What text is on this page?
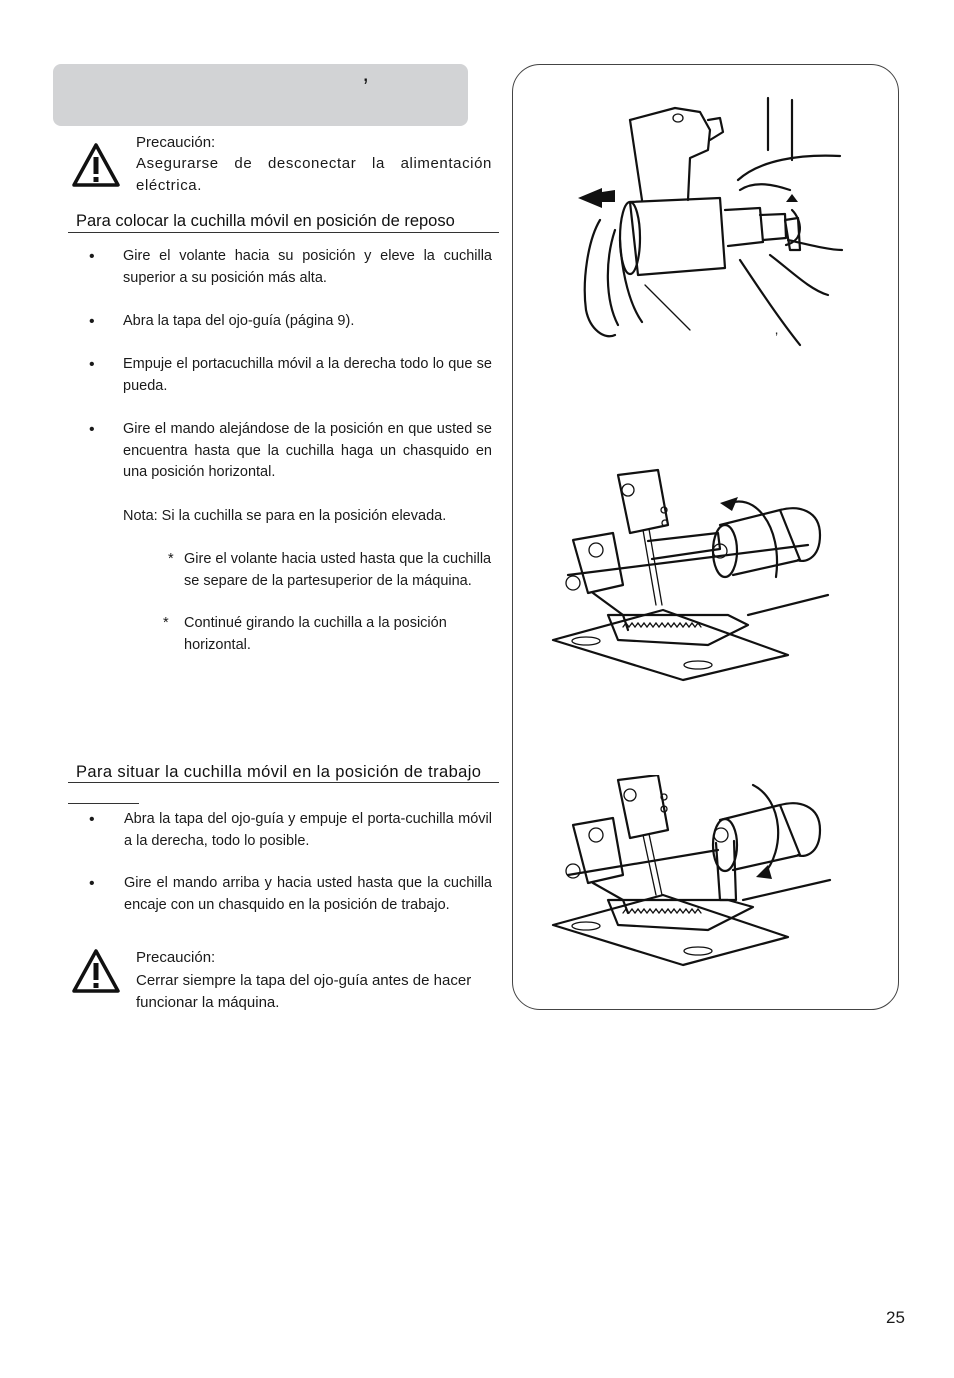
’
Precaución:
Asegurarse de desconectar la alimentación eléctrica.
Para colocar la cuchilla móvil en posición de reposo
• Gire el volante hacia su posición y eleve la cuchilla superior a su posición más alta.
• Abra la tapa del ojo-guía (página 9).
• Empuje el portacuchilla móvil a la derecha todo lo que se pueda.
• Gire el mando alejándose de la posición en que usted se encuentra hasta que la cuchilla haga un chasquido en una posición horizontal.
Nota: Si la cuchilla se para en la posición elevada.
* Gire el volante hacia usted hasta que la cuchilla se separe de la partesuperior de la máquina.
* Continué girando la cuchilla a la posición horizontal.
Para situar la cuchilla móvil en la posición de trabajo
• Abra la tapa del ojo-guía y empuje el porta-cuchilla móvil a la derecha, todo lo posible.
• Gire el mando arriba y hacia usted hasta que la cuchilla encaje con un chasquido en la posición de trabajo.
Precaución:
Cerrar siempre la tapa del ojo-guía antes de hacer funcionar la máquina.
’
25
